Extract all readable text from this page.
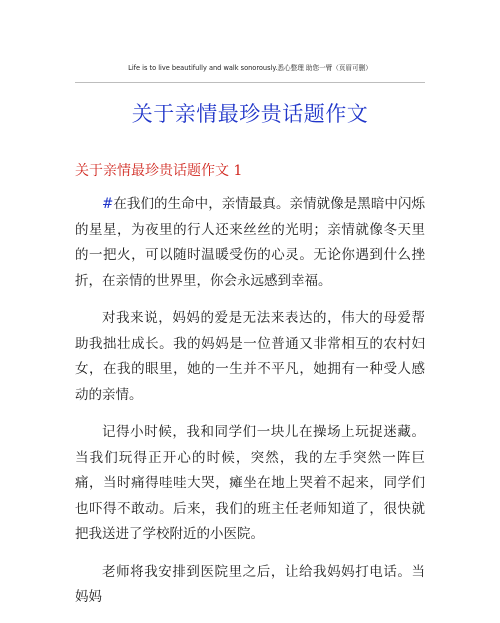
Life is to live beautifully and walk sonorously.悉心整理 助您一臂（页眉可删）
关于亲情最珍贵话题作文
关于亲情最珍贵话题作文 1

#在我们的生命中，亲情最真。亲情就像是黑暗中闪烁的星星，为夜里的行人还来丝丝的光明；亲情就像冬天里的一把火，可以随时温暖受伤的心灵。无论你遇到什么挫折，在亲情的世界里，你会永远感到幸福。

对我来说，妈妈的爱是无法来表达的，伟大的母爱帮助我拙壮成长。我的妈妈是一位普通又非常相互的农村妇女，在我的眼里，她的一生并不平凡，她拥有一种受人感动的亲情。

记得小时候，我和同学们一块儿在操场上玩捉迷藏。当我们玩得正开心的时候，突然，我的左手突然一阵巨痛，当时痛得哇哇大哭，瘫坐在地上哭着不起来，同学们也吓得不敢动。后来，我们的班主任老师知道了，很快就把我送进了学校附近的小医院。

老师将我安排到医院里之后，让给我妈妈打电话。当妈妈
